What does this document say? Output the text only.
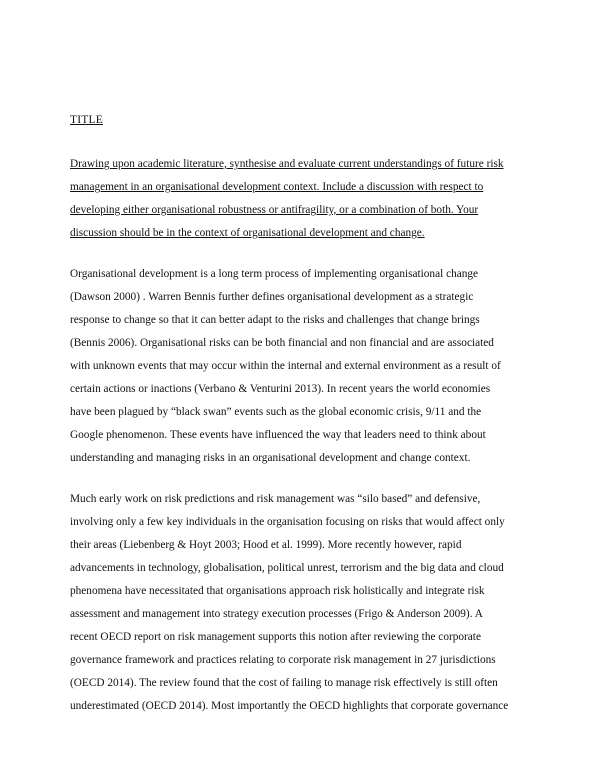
TITLE
Drawing upon academic literature, synthesise and evaluate current understandings of future risk
management in an organisational development context. Include a discussion with respect to
developing either organisational robustness or antifragility, or a combination of both. Your
discussion should be in the context of organisational development and change.
Organisational development is a long term process of implementing organisational change
(Dawson 2000) . Warren Bennis further defines organisational development as a strategic
response to change so that it can better adapt to the risks and challenges that change brings
(Bennis 2006). Organisational risks can be both financial and non financial and are associated
with unknown events that may occur within the internal and external environment as a result of
certain actions or inactions (Verbano & Venturini 2013). In recent years the world economies
have been plagued by “black swan” events such as the global economic crisis, 9/11 and the
Google phenomenon. These events have influenced the way that leaders need to think about
understanding and managing risks in an organisational development and change context.
Much early work on risk predictions and risk management was “silo based” and defensive,
involving only a few key individuals in the organisation focusing on risks that would affect only
their areas (Liebenberg & Hoyt 2003; Hood et al. 1999). More recently however, rapid
advancements in technology, globalisation, political unrest, terrorism and the big data and cloud
phenomena have necessitated that organisations approach risk holistically and integrate risk
assessment and management into strategy execution processes (Frigo & Anderson 2009). A
recent OECD report on risk management supports this notion after reviewing the corporate
governance framework and practices relating to corporate risk management in 27 jurisdictions
(OECD 2014). The review found that the cost of failing to manage risk effectively is still often
underestimated (OECD 2014). Most importantly the OECD highlights that corporate governance
